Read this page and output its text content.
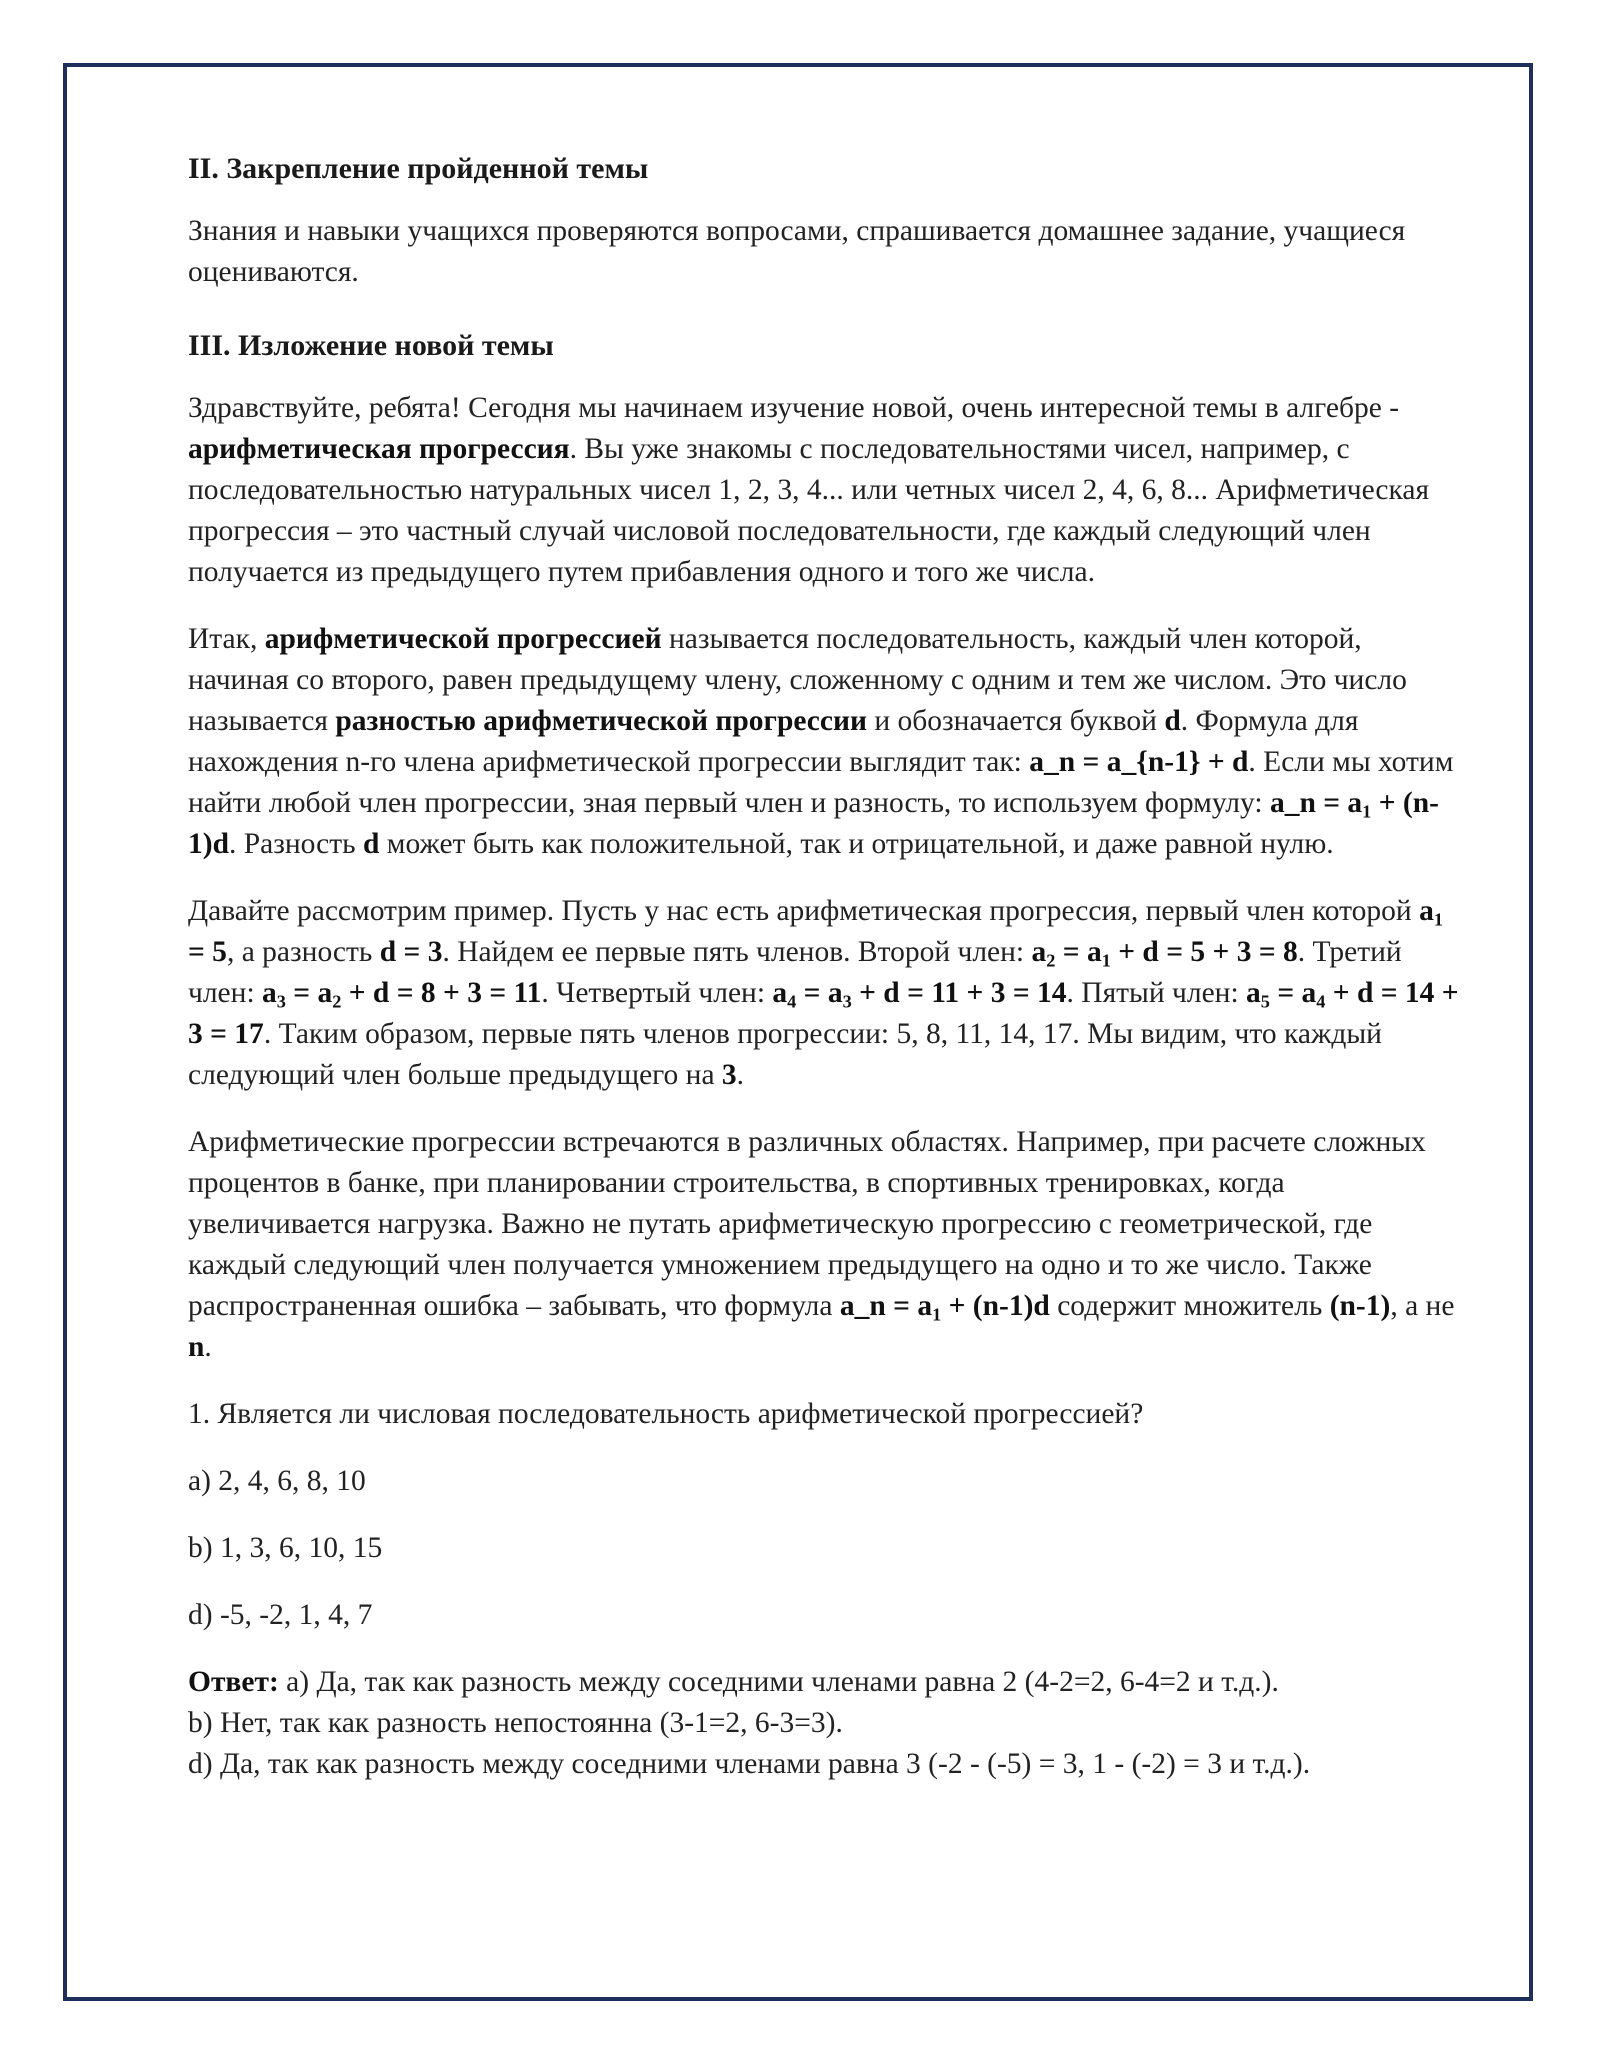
II. Закрепление пройденной темы

Знания и навыки учащихся проверяются вопросами, спрашивается домашнее задание, учащиеся оцениваются.

III. Изложение новой темы

Здравствуйте, ребята! Сегодня мы начинаем изучение новой, очень интересной темы в алгебре - арифметическая прогрессия. Вы уже знакомы с последовательностями чисел, например, с последовательностью натуральных чисел 1, 2, 3, 4... или четных чисел 2, 4, 6, 8... Арифметическая прогрессия – это частный случай числовой последовательности, где каждый следующий член получается из предыдущего путем прибавления одного и того же числа.

Итак, арифметической прогрессией называется последовательность, каждый член которой, начиная со второго, равен предыдущему члену, сложенному с одним и тем же числом. Это число называется разностью арифметической прогрессии и обозначается буквой d. Формула для нахождения n-го члена арифметической прогрессии выглядит так: a_n = a_{n-1} + d. Если мы хотим найти любой член прогрессии, зная первый член и разность, то используем формулу: a_n = $a_1 + (n-1)d$. Разность d может быть как положительной, так и отрицательной, и даже равной нулю.

Давайте рассмотрим пример. Пусть у нас есть арифметическая прогрессия, первый член которой $a_1 = 5$, а разность d = 3. Найдем ее первые пять членов. Второй член: $a_2 = a_1 + d = 5 + 3 = 8$. Третий член: $a_3 = a_2 + d = 8 + 3 = 11$. Четвертый член: $a_4 = a_3 + d = 11 + 3 = 14$. Пятый член: $a_5 = a_4 + d = 14 + 3 = 17$. Таким образом, первые пять членов прогрессии: 5, 8, 11, 14, 17. Мы видим, что каждый следующий член больше предыдущего на 3.

Арифметические прогрессии встречаются в различных областях. Например, при расчете сложных процентов в банке, при планировании строительства, в спортивных тренировках, когда увеличивается нагрузка. Важно не путать арифметическую прогрессию с геометрической, где каждый следующий член получается умножением предыдущего на одно и то же число. Также распространенная ошибка – забывать, что формула a_n = $a_1 + (n-1)d$ содержит множитель (n-1), а не n.

1. Является ли числовая последовательность арифметической прогрессией?

a) 2, 4, 6, 8, 10

b) 1, 3, 6, 10, 15

d) -5, -2, 1, 4, 7

Ответ: a) Да, так как разность между соседними членами равна 2 (4-2=2, 6-4=2 и т.д.).

b) Нет, так как разность непостоянна (3-1=2, 6-3=3).

d) Да, так как разность между соседними членами равна 3 (-2 - (-5) = 3, 1 - (-2) = 3 и т.д.).
